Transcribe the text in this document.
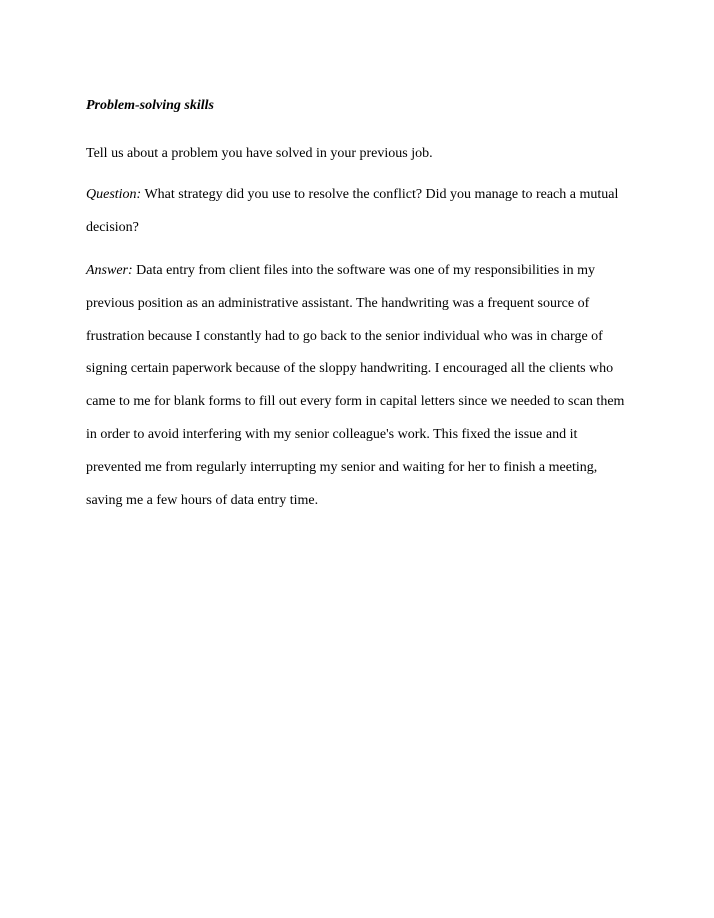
Problem-solving skills

Tell us about a problem you have solved in your previous job.

Question: What strategy did you use to resolve the conflict? Did you manage to reach a mutual decision?

Answer: Data entry from client files into the software was one of my responsibilities in my previous position as an administrative assistant. The handwriting was a frequent source of frustration because I constantly had to go back to the senior individual who was in charge of signing certain paperwork because of the sloppy handwriting. I encouraged all the clients who came to me for blank forms to fill out every form in capital letters since we needed to scan them in order to avoid interfering with my senior colleague's work. This fixed the issue and it prevented me from regularly interrupting my senior and waiting for her to finish a meeting, saving me a few hours of data entry time.
